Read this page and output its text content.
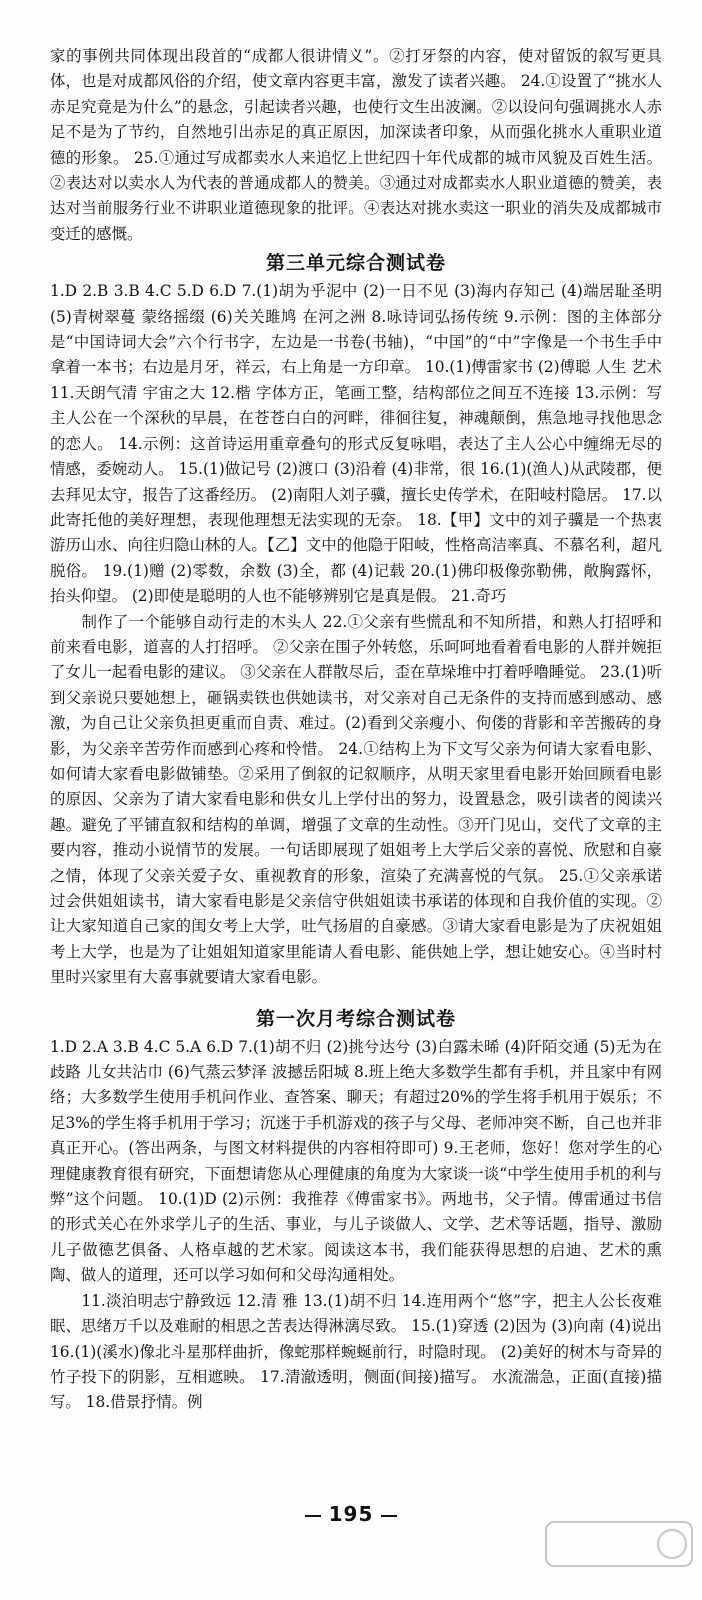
家的事例共同体现出段首的“成都人很讲情义”。②打牙祭的内容，使对留饭的叙写更具体，也是对成都风俗的介绍，使文章内容更丰富，激发了读者兴趣。 24.①设置了“挑水人赤足究竟是为什么”的悬念，引起读者兴趣，也使行文生出波澜。②以设问句强调挑水人赤足不是为了节约，自然地引出赤足的真正原因，加深读者印象，从而强化挑水人重职业道德的形象。 25.①通过写成都卖水人来追忆上世纪四十年代成都的城市风貌及百姓生活。②表达对以卖水人为代表的普通成都人的赞美。③通过对成都卖水人职业道德的赞美，表达对当前服务行业不讲职业道德现象的批评。④表达对挑水卖这一职业的消失及成都城市变迁的感慨。

第三单元综合测试卷

1.D 2.B 3.B 4.C 5.D 6.D 7.(1)胡为乎泥中 (2)一日不见 (3)海内存知己 (4)端居耻圣明 (5)青树翠蔓 蒙络摇缀 (6)关关雎鸠 在河之洲 8.咏诗词弘扬传统 9.示例：图的主体部分是“中国诗词大会”六个行书字，左边是一书卷(书轴)，“中国”的“中”字像是一个书生手中拿着一本书；右边是月牙，祥云，右上角是一方印章。 10.(1)傅雷家书 (2)傅聪 人生 艺术 11.天朗气清 宇宙之大 12.楷 字体方正，笔画工整，结构部位之间互不连接 13.示例：写主人公在一个深秋的早晨，在苍苍白白的河畔，徘徊往复，神魂颠倒，焦急地寻找他思念的恋人。 14.示例：这首诗运用重章叠句的形式反复咏唱，表达了主人公心中缠绵无尽的情感，委婉动人。 15.(1)做记号 (2)渡口 (3)沿着 (4)非常，很 16.(1)(渔人)从武陵郡，便去拜见太守，报告了这番经历。 (2)南阳人刘子骥，擅长史传学术，在阳岐村隐居。 17.以此寄托他的美好理想，表现他理想无法实现的无奈。 18.【甲】文中的刘子骥是一个热衷游历山水、向往归隐山林的人。【乙】文中的他隐于阳岐，性格高洁率真、不慕名利，超凡脱俗。 19.(1)赠 (2)零数，余数 (3)全，都 (4)记载 20.(1)佛印极像弥勒佛，敞胸露怀，抬头仰望。 (2)即使是聪明的人也不能够辨别它是真是假。 21.奇巧

　　制作了一个能够自动行走的木头人 22.①父亲有些慌乱和不知所措，和熟人打招呼和前来看电影，道喜的人打招呼。 ②父亲在围子外转悠，乐呵呵地看着看电影的人群并婉拒了女儿一起看电影的建议。 ③父亲在人群散尽后，歪在草垛堆中打着呼噜睡觉。 23.(1)听到父亲说只要她想上，砸锅卖铁也供她读书，对父亲对自己无条件的支持而感到感动、感激，为自己让父亲负担更重而自责、难过。(2)看到父亲瘦小、佝偻的背影和辛苦搬砖的身影，为父亲辛苦劳作而感到心疼和怜惜。 24.①结构上为下文写父亲为何请大家看电影、如何请大家看电影做铺垫。②采用了倒叙的记叙顺序，从明天家里看电影开始回顾看电影的原因、父亲为了请大家看电影和供女儿上学付出的努力，设置悬念，吸引读者的阅读兴趣。避免了平铺直叙和结构的单调，增强了文章的生动性。③开门见山，交代了文章的主要内容，推动小说情节的发展。一句话即展现了姐姐考上大学后父亲的喜悦、欣慰和自豪之情，体现了父亲关爱子女、重视教育的形象，渲染了充满喜悦的气氛。 25.①父亲承诺过会供姐姐读书，请大家看电影是父亲信守供姐姐读书承诺的体现和自我价值的实现。②让大家知道自己家的闺女考上大学，吐气扬眉的自豪感。③请大家看电影是为了庆祝姐姐考上大学，也是为了让姐姐知道家里能请人看电影、能供她上学，想让她安心。④当时村里时兴家里有大喜事就要请大家看电影。

第一次月考综合测试卷

1.D 2.A 3.B 4.C 5.A 6.D 7.(1)胡不归 (2)挑兮达兮 (3)白露未晞 (4)阡陌交通 (5)无为在歧路 儿女共沾巾 (6)气蒸云梦泽 波撼岳阳城 8.班上绝大多数学生都有手机，并且家中有网络；大多数学生使用手机问作业、查答案、聊天；有超过20%的学生将手机用于娱乐；不足3%的学生将手机用于学习；沉迷于手机游戏的孩子与父母、老师冲突不断，自己也并非真正开心。(答出两条，与图文材料提供的内容相符即可) 9.王老师，您好！您对学生的心理健康教育很有研究，下面想请您从心理健康的角度为大家谈一谈“中学生使用手机的利与弊”这个问题。 10.(1)D (2)示例：我推荐《傅雷家书》。两地书，父子情。傅雷通过书信的形式关心在外求学儿子的生活、事业，与儿子谈做人、文学、艺术等话题，指导、激励儿子做德艺俱备、人格卓越的艺术家。阅读这本书，我们能获得思想的启迪、艺术的熏陶、做人的道理，还可以学习如何和父母沟通相处。

　　11.淡泊明志宁静致远 12.清 雅 13.(1)胡不归 14.连用两个“悠”字，把主人公长夜难眠、思绪万千以及难耐的相思之苦表达得淋漓尽致。 15.(1)穿透 (2)因为 (3)向南 (4)说出 16.(1)(溪水)像北斗星那样曲折，像蛇那样蜿蜒前行，时隐时现。 (2)美好的树木与奇异的竹子投下的阴影，互相遮映。 17.清澈透明，侧面(间接)描写。 水流湍急，正面(直接)描写。 18.借景抒情。例

195
